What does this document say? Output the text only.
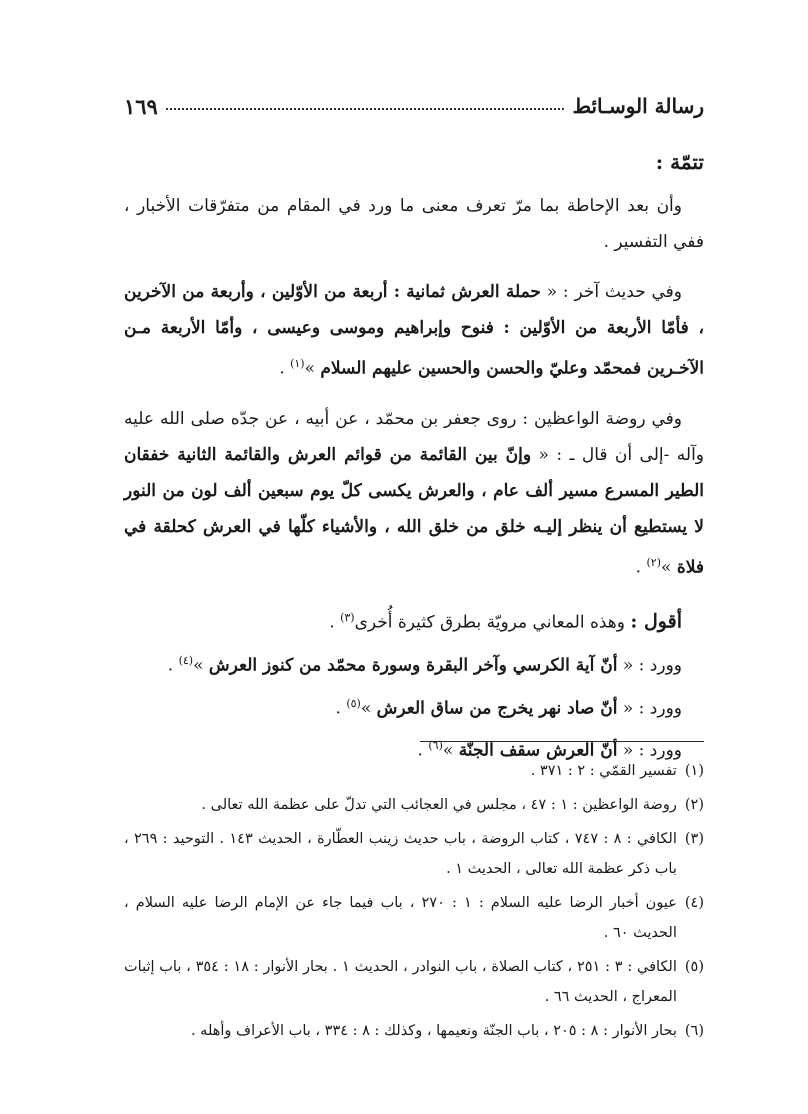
رسالة الوسـائط
١٦٩
تتمّة :

وأن بعد الإحاطة بما مرّ تعرف معنى ما ورد في المقام من متفرّقات الأخبار ، ففي التفسير .

وفي حديث آخر : « حملة العرش ثمانية : أربعة من الأوّلين ، وأربعة من الآخرين ، فأمّا الأربعة من الأوّلين : فنوح وإبراهيم وموسى وعيسى ، وأمّا الأربعة مـن الآخـرين فمحمّد وعليّ والحسن والحسين عليهم السلام »$^{(١)}$ .

وفي روضة الواعظين : روى جعفر بن محمّد ، عن أبيه ، عن جدّه صلى الله عليه وآله -إلى أن قال ـ : « وإنّ بين القائمة من قوائم العرش والقائمة الثانية خفقان الطير المسرع مسير ألف عام ، والعرش يكسى كلّ يوم سبعين ألف لون من النور لا يستطيع أن ينظر إليـه خلق من خلق الله ، والأشياء كلّها في العرش كحلقة في فلاة »$^{(٢)}$ .

أقول : وهذه المعاني مرويّة بطرق كثيرة أُخرى$^{(٣)}$ .

وورد : « أنّ آية الكرسي وآخر البقرة وسورة محمّد من كنوز العرش »$^{(٤)}$ .

وورد : « أنّ صاد نهر يخرج من ساق العرش »$^{(٥)}$ .

وورد : « أنّ العرش سقف الجنّة »$^{(٦)}$ .

(١)
تفسير القمّي : ٢ : ٣٧١ .
(٢)
روضة الواعظين : ١ : ٤٧ ، مجلس في العجائب التي تدلّ على عظمة الله تعالى .
(٣)
الكافي : ٨ : ٧٤٧ ، كتاب الروضة ، باب حديث زينب العطّارة ، الحديث ١٤٣ . التوحيد : ٢٦٩ ، باب ذكر عظمة الله تعالى ، الحديث ١ .
(٤)
عيون أخبار الرضا عليه السلام : ١ : ٢٧٠ ، باب فيما جاء عن الإمام الرضا عليه السلام ، الحديث ٦٠ .
(٥)
الكافي : ٣ : ٢٥١ ، كتاب الصلاة ، باب النوادر ، الحديث ١ . بحار الأنوار : ١٨ : ٣٥٤ ، باب إثبات المعراج ، الحديث ٦٦ .
(٦)
بحار الأنوار : ٨ : ٢٠٥ ، باب الجنّة ونعيمها ، وكذلك : ٨ : ٣٣٤ ، باب الأعراف وأهله .
